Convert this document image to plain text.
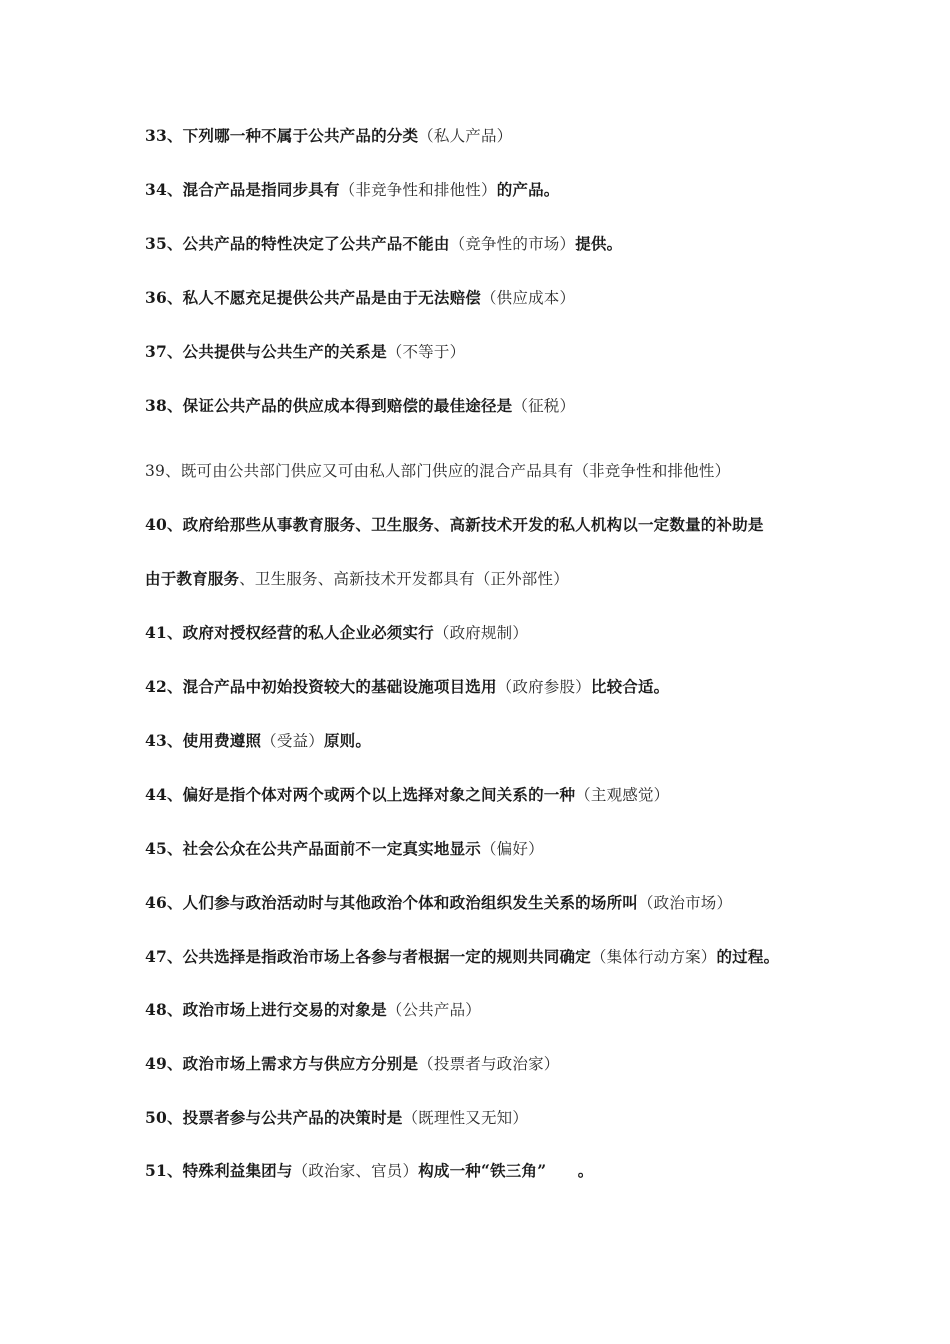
33、下列哪一种不属于公共产品的分类（私人产品）
34、混合产品是指同步具有（非竞争性和排他性）的产品。
35、公共产品的特性决定了公共产品不能由（竞争性的市场）提供。
36、私人不愿充足提供公共产品是由于无法赔偿（供应成本）
37、公共提供与公共生产的关系是（不等于）
38、保证公共产品的供应成本得到赔偿的最佳途径是（征税）
39、既可由公共部门供应又可由私人部门供应的混合产品具有（非竞争性和排他性）
40、政府给那些从事教育服务、卫生服务、高新技术开发的私人机构以一定数量的补助是
由于教育服务、卫生服务、高新技术开发都具有（正外部性）
41、政府对授权经营的私人企业必须实行（政府规制）
42、混合产品中初始投资较大的基础设施项目选用（政府参股）比较合适。
43、使用费遵照（受益）原则。
44、偏好是指个体对两个或两个以上选择对象之间关系的一种（主观感觉）
45、社会公众在公共产品面前不一定真实地显示（偏好）
46、人们参与政治活动时与其他政治个体和政治组织发生关系的场所叫（政治市场）
47、公共选择是指政治市场上各参与者根据一定的规则共同确定（集体行动方案）的过程。
48、政治市场上进行交易的对象是（公共产品）
49、政治市场上需求方与供应方分别是（投票者与政治家）
50、投票者参与公共产品的决策时是（既理性又无知）
51、特殊利益集团与（政治家、官员）构成一种“铁三角”　　。
